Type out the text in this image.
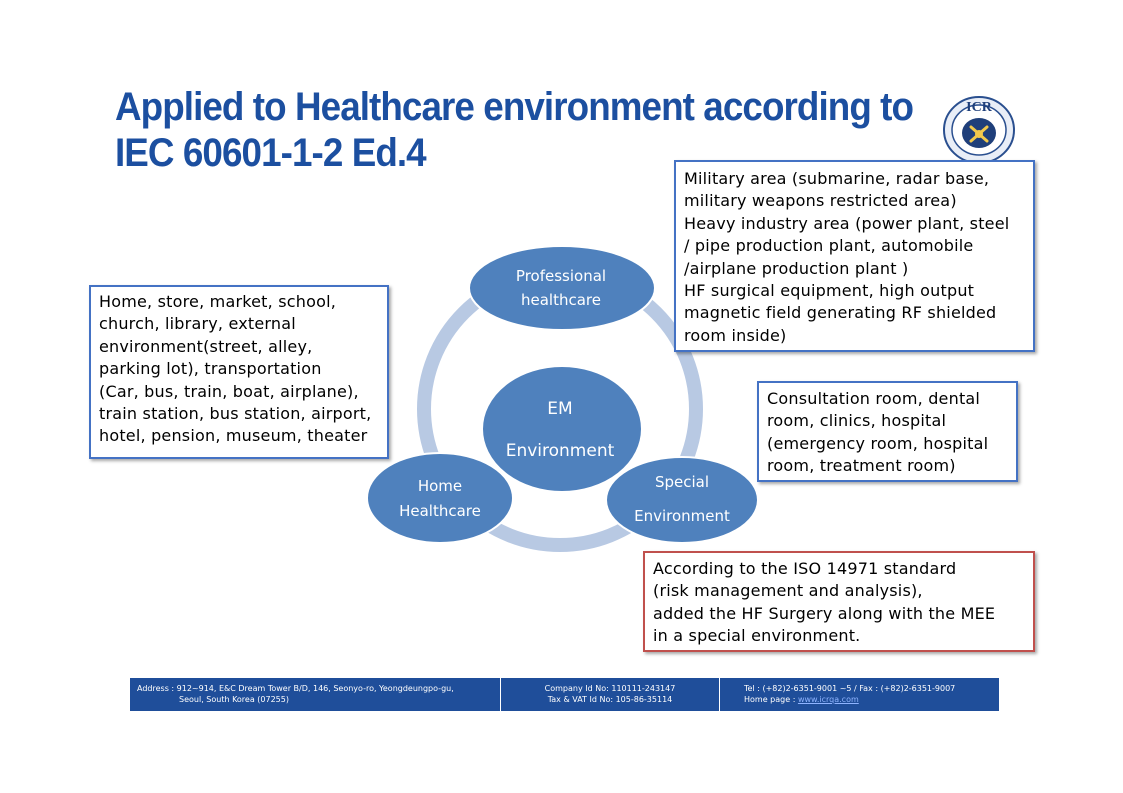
Applied to Healthcare environment according to
IEC 60601-1-2 Ed.4
ICR
EM
Environment
Professional
healthcare
Home
Healthcare
Special
Environment
Home, store, market, school,
church, library, external
environment(street, alley,
parking lot), transportation
(Car, bus, train, boat, airplane),
train station, bus station, airport,
hotel, pension, museum, theater
Military area (submarine, radar base,
military weapons restricted area)
Heavy industry area (power plant, steel
/ pipe production plant, automobile
/airplane production plant )
HF surgical equipment, high output
magnetic field generating RF shielded
room inside)
Consultation room, dental
room, clinics, hospital
(emergency room, hospital
room, treatment room)
According to the ISO 14971 standard
(risk management and analysis),
added the HF Surgery along with the MEE
in a special environment.
Address : 912~914, E&C Dream Tower B/D, 146, Seonyo-ro, Yeongdeungpo-gu,
Seoul, South Korea (07255)
Company Id No: 110111-243147
Tax & VAT Id No: 105-86-35114
Tel : (+82)2-6351-9001 ~5 / Fax : (+82)2-6351-9007
Home page : www.icrqa.com
